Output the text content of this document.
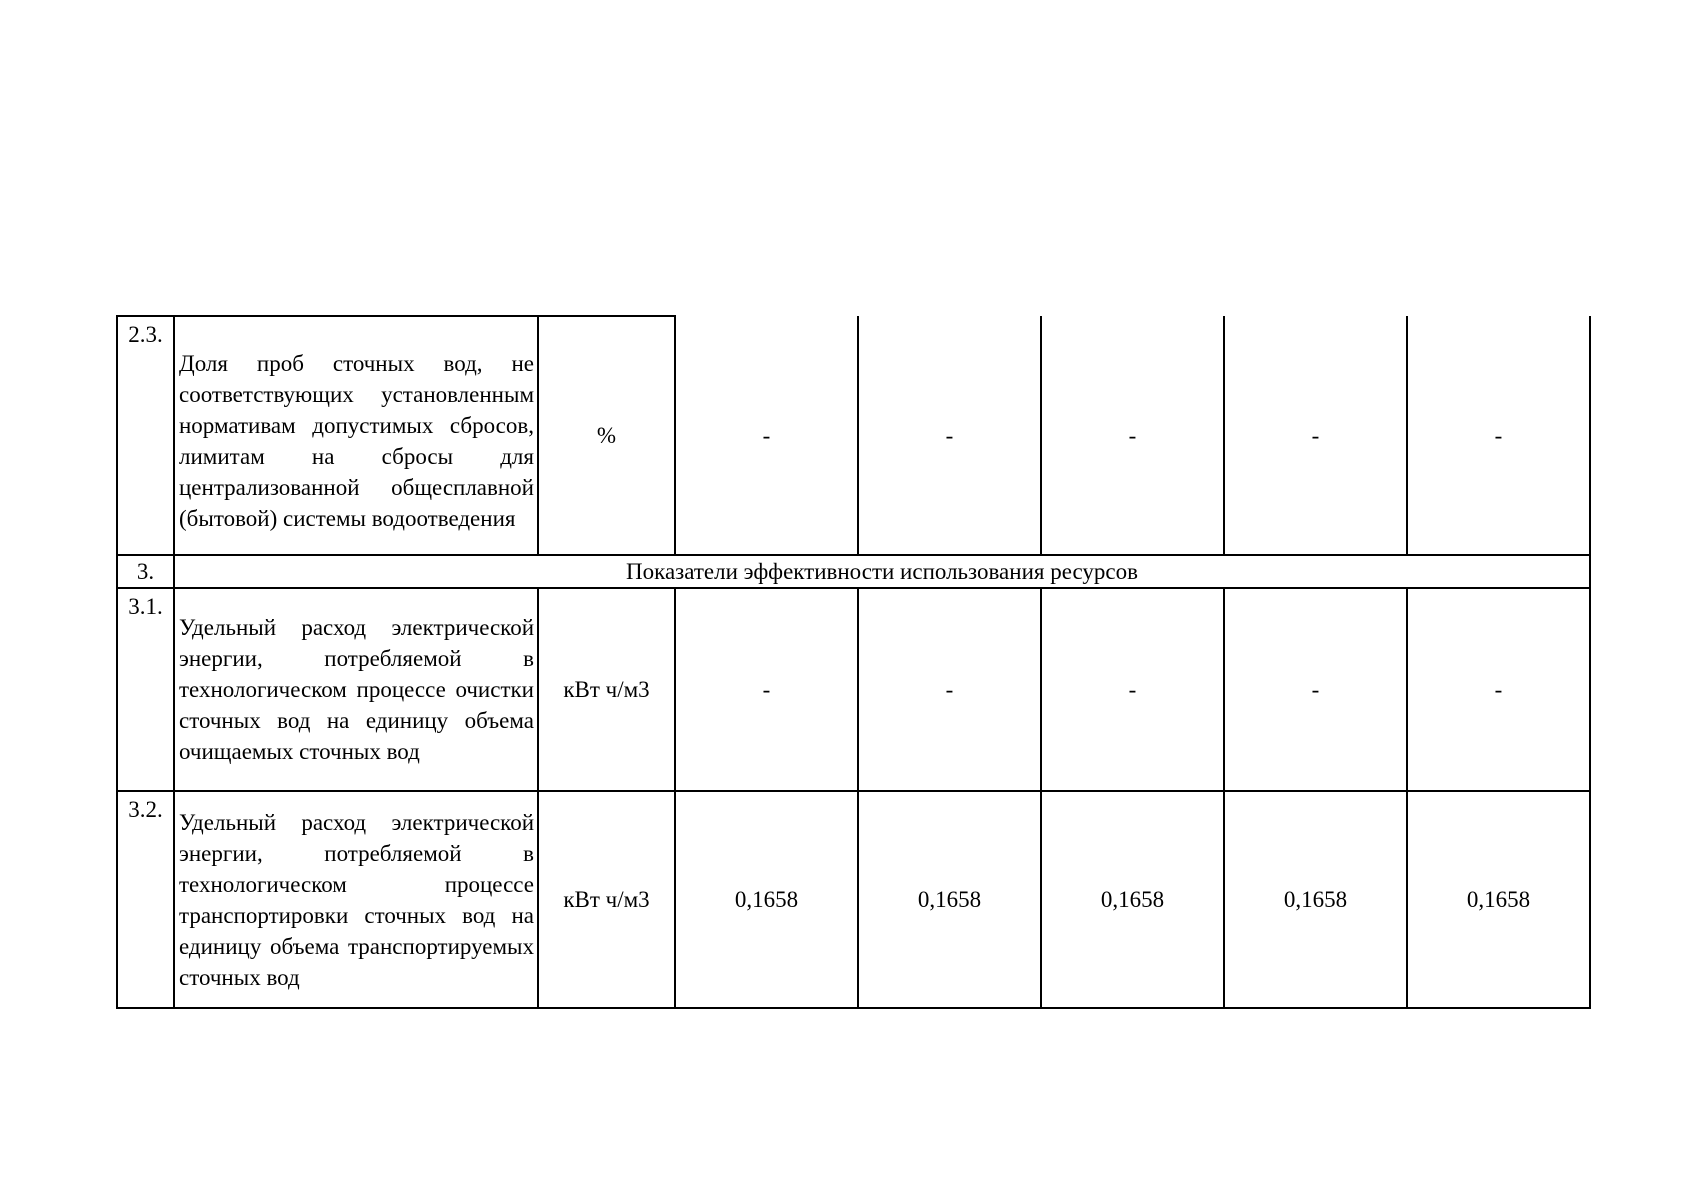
2.3.	Доля проб сточных вод, не соответствующих установленным нормативам допустимых сбросов, лимитам на сбросы для централизованной общесплавной (бытовой) системы водоотведения	%	-	-	-	-	-
3.	Показатели эффективности использования ресурсов						
3.1.	Удельный расход электрической энергии, потребляемой в технологическом процессе очистки сточных вод на единицу объема очищаемых сточных вод	кВт ч/м3	-	-	-	-	-
3.2.	Удельный расход электрической энергии, потребляемой в технологическом процессе транспортировки сточных вод на единицу объема транспортируемых сточных вод	кВт ч/м3	0,1658	0,1658	0,1658	0,1658	0,1658
